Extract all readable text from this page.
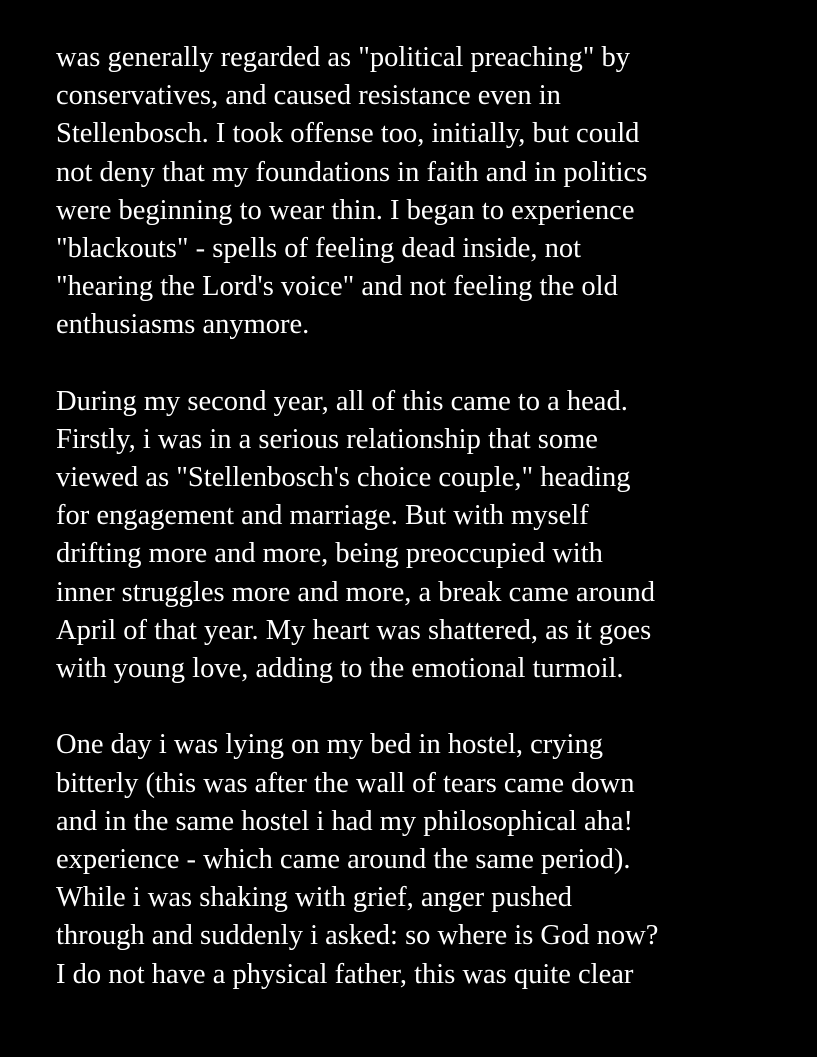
was generally regarded as "political preaching" by
conservatives, and caused resistance even in
Stellenbosch. I took offense too, initially, but could
not deny that my foundations in faith and in politics
were beginning to wear thin. I began to experience
"blackouts" - spells of feeling dead inside, not
"hearing the Lord's voice" and not feeling the old
enthusiasms anymore.
During my second year, all of this came to a head.
Firstly, i was in a serious relationship that some
viewed as "Stellenbosch's choice couple," heading
for engagement and marriage. But with myself
drifting more and more, being preoccupied with
inner struggles more and more, a break came around
April of that year. My heart was shattered, as it goes
with young love, adding to the emotional turmoil.
One day i was lying on my bed in hostel, crying
bitterly (this was after the wall of tears came down
and in the same hostel i had my philosophical aha!
experience - which came around the same period).
While i was shaking with grief, anger pushed
through and suddenly i asked: so where is God now?
I do not have a physical father, this was quite clear
